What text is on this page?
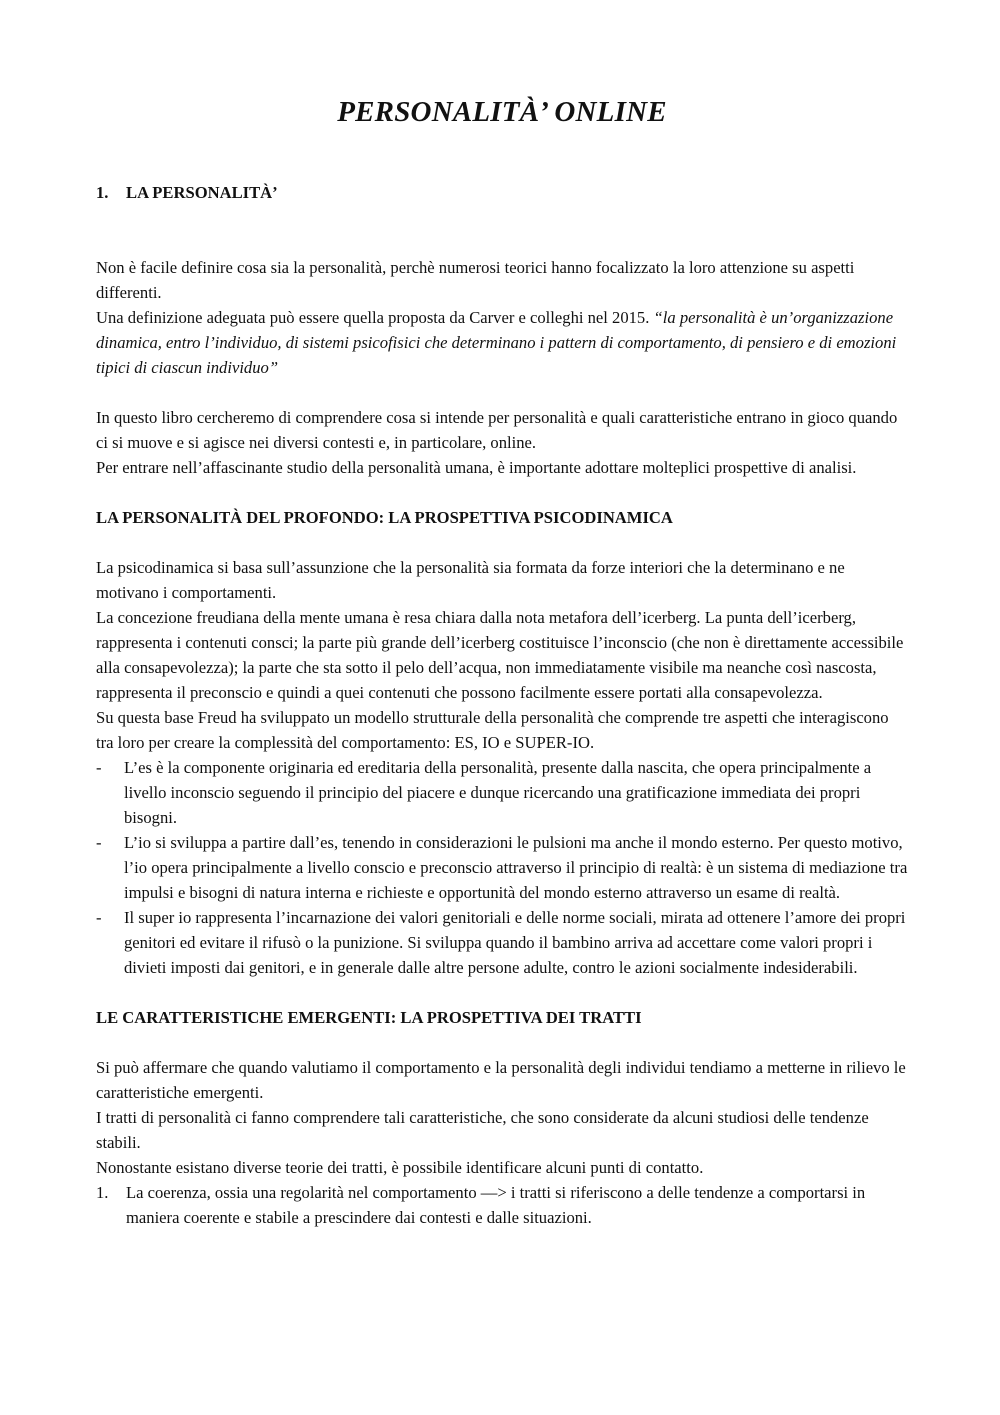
PERSONALITÀ’ ONLINE
1. LA PERSONALITÀ’

Non è facile definire cosa sia la personalità, perchè numerosi teorici hanno focalizzato la loro attenzione su aspetti differenti.

Una definizione adeguata può essere quella proposta da Carver e colleghi nel 2015. “la personalità è un’organizzazione dinamica, entro l’individuo, di sistemi psicofisici che determinano i pattern di comportamento, di pensiero e di emozioni tipici di ciascun individuo”

In questo libro cercheremo di comprendere cosa si intende per personalità e quali caratteristiche entrano in gioco quando ci si muove e si agisce nei diversi contesti e, in particolare, online.

Per entrare nell’affascinante studio della personalità umana, è importante adottare molteplici prospettive di analisi.

LA PERSONALITÀ DEL PROFONDO: LA PROSPETTIVA PSICODINAMICA

La psicodinamica si basa sull’assunzione che la personalità sia formata da forze interiori che la determinano e ne motivano i comportamenti.

La concezione freudiana della mente umana è resa chiara dalla nota metafora dell’icerberg. La punta dell’icerberg, rappresenta i contenuti consci; la parte più grande dell’icerberg costituisce l’inconscio (che non è direttamente accessibile alla consapevolezza); la parte che sta sotto il pelo dell’acqua, non immediatamente visibile ma neanche così nascosta, rappresenta il preconscio e quindi a quei contenuti che possono facilmente essere portati alla consapevolezza.

Su questa base Freud ha sviluppato un modello strutturale della personalità che comprende tre aspetti che interagiscono tra loro per creare la complessità del comportamento: ES, IO e SUPER-IO.

- L’es è la componente originaria ed ereditaria della personalità, presente dalla nascita, che opera principalmente a livello inconscio seguendo il principio del piacere e dunque ricercando una gratificazione immediata dei propri bisogni.
- L’io si sviluppa a partire dall’es, tenendo in considerazioni le pulsioni ma anche il mondo esterno. Per questo motivo, l’io opera principalmente a livello conscio e preconscio attraverso il principio di realtà: è un sistema di mediazione tra impulsi e bisogni di natura interna e richieste e opportunità del mondo esterno attraverso un esame di realtà.
- Il super io rappresenta l’incarnazione dei valori genitoriali e delle norme sociali, mirata ad ottenere l’amore dei propri genitori ed evitare il rifusò o la punizione. Si sviluppa quando il bambino arriva ad accettare come valori propri i divieti imposti dai genitori, e in generale dalle altre persone adulte, contro le azioni socialmente indesiderabili.
LE CARATTERISTICHE EMERGENTI: LA PROSPETTIVA DEI TRATTI

Si può affermare che quando valutiamo il comportamento e la personalità degli individui tendiamo a metterne in rilievo le caratteristiche emergenti.

I tratti di personalità ci fanno comprendere tali caratteristiche, che sono considerate da alcuni studiosi delle tendenze stabili.

Nonostante esistano diverse teorie dei tratti, è possibile identificare alcuni punti di contatto.

1. La coerenza, ossia una regolarità nel comportamento —> i tratti si riferiscono a delle tendenze a comportarsi in maniera coerente e stabile a prescindere dai contesti e dalle situazioni.
